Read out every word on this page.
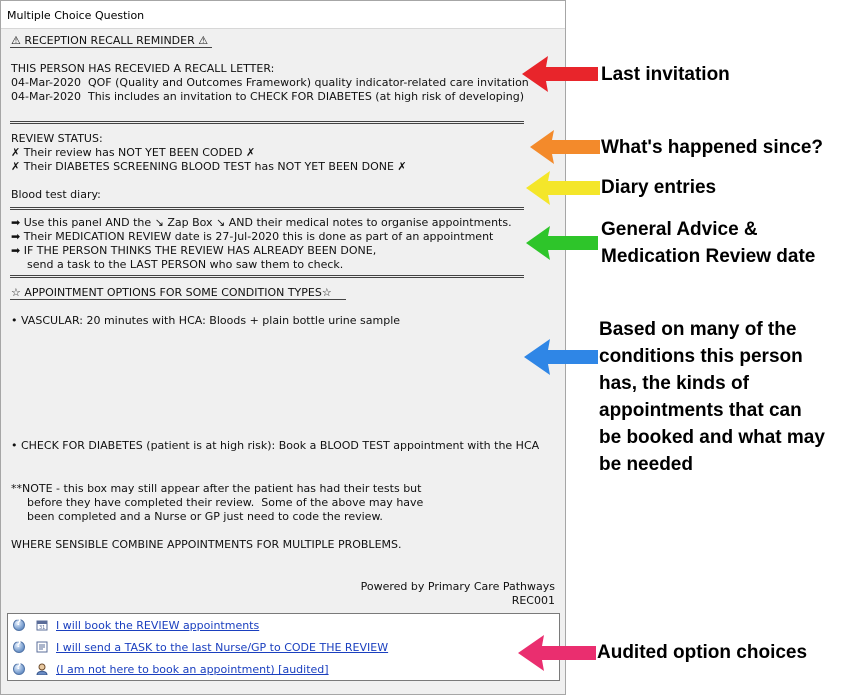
Multiple Choice Question
⚠ RECEPTION RECALL REMINDER ⚠
THIS PERSON HAS RECEVIED A RECALL LETTER:
04-Mar-2020  QOF (Quality and Outcomes Framework) quality indicator-related care invitation
04-Mar-2020  This includes an invitation to CHECK FOR DIABETES (at high risk of developing)
REVIEW STATUS:
✗ Their review has NOT YET BEEN CODED ✗
✗ Their DIABETES SCREENING BLOOD TEST has NOT YET BEEN DONE ✗
Blood test diary:
➡ Use this panel AND the ↘ Zap Box ↘ AND their medical notes to organise appointments.
➡ Their MEDICATION REVIEW date is 27-Jul-2020 this is done as part of an appointment
➡ IF THE PERSON THINKS THE REVIEW HAS ALREADY BEEN DONE,
send a task to the LAST PERSON who saw them to check.
☆ APPOINTMENT OPTIONS FOR SOME CONDITION TYPES☆
• VASCULAR: 20 minutes with HCA: Bloods + plain bottle urine sample
• CHECK FOR DIABETES (patient is at high risk): Book a BLOOD TEST appointment with the HCA
**NOTE - this box may still appear after the patient has had their tests but
before they have completed their review.  Some of the above may have
been completed and a Nurse or GP just need to code the review.
WHERE SENSIBLE COMBINE APPOINTMENTS FOR MULTIPLE PROBLEMS.
Powered by Primary Care Pathways
REC001
?
31 I will book the REVIEW appointments
?
I will send a TASK to the last Nurse/GP to CODE THE REVIEW
?
(I am not here to book an appointment) [audited]
Last invitation
What's happened since?
Diary entries
General Advice &
Medication Review date
Based on many of the
conditions this person
has, the kinds of
appointments that can
be booked and what may
be needed
Audited option choices
